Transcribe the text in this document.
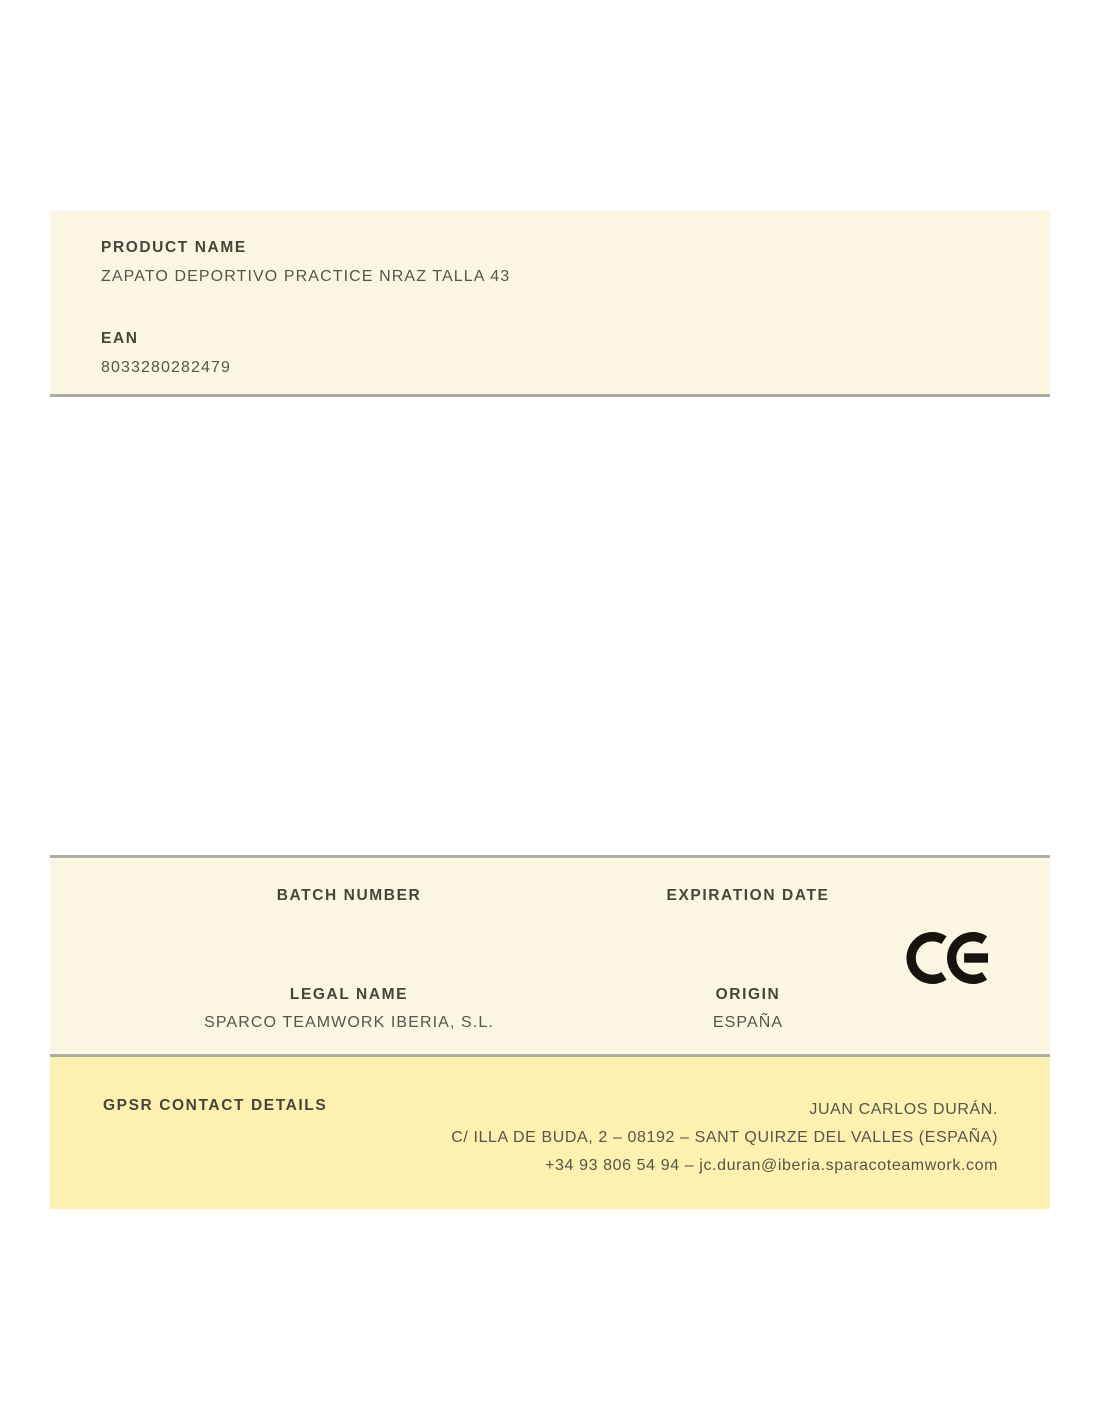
PRODUCT NAME
ZAPATO DEPORTIVO PRACTICE NRAZ TALLA 43
EAN
8033280282479
BATCH NUMBER	EXPIRATION DATE
LEGAL NAME
SPARCO TEAMWORK IBERIA, S.L.
ORIGIN
ESPAÑA
GPSR CONTACT DETAILS	JUAN CARLOS DURÁN.
C/ ILLA DE BUDA, 2 – 08192 – SANT QUIRZE DEL VALLES (ESPAÑA)
+34 93 806 54 94 – jc.duran@iberia.sparacoteamwork.com
